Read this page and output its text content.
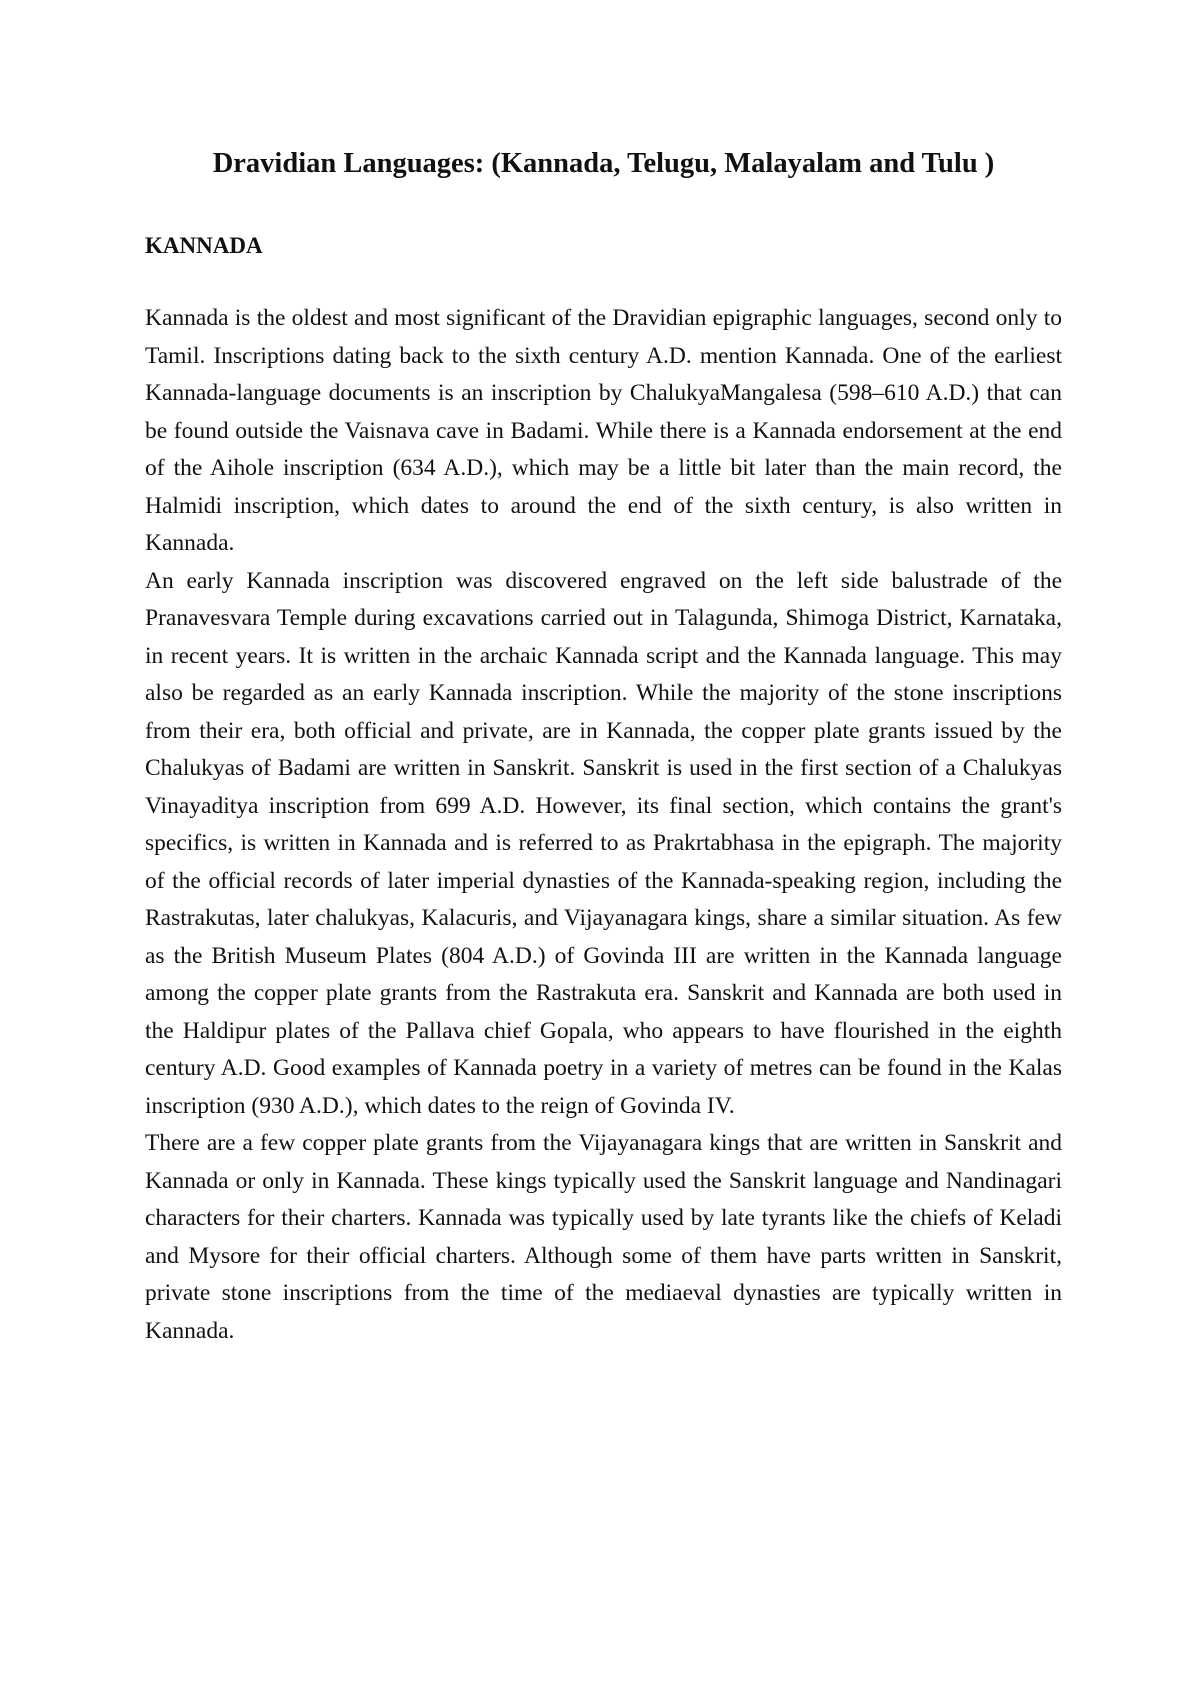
Dravidian Languages: (Kannada, Telugu, Malayalam and Tulu )
KANNADA

Kannada is the oldest and most significant of the Dravidian epigraphic languages, second only to Tamil. Inscriptions dating back to the sixth century A.D. mention Kannada. One of the earliest Kannada-language documents is an inscription by ChalukyaMangalesa (598–610 A.D.) that can be found outside the Vaisnava cave in Badami. While there is a Kannada endorsement at the end of the Aihole inscription (634 A.D.), which may be a little bit later than the main record, the Halmidi inscription, which dates to around the end of the sixth century, is also written in Kannada.

An early Kannada inscription was discovered engraved on the left side balustrade of the Pranavesvara Temple during excavations carried out in Talagunda, Shimoga District, Karnataka, in recent years. It is written in the archaic Kannada script and the Kannada language. This may also be regarded as an early Kannada inscription. While the majority of the stone inscriptions from their era, both official and private, are in Kannada, the copper plate grants issued by the Chalukyas of Badami are written in Sanskrit. Sanskrit is used in the first section of a Chalukyas Vinayaditya inscription from 699 A.D. However, its final section, which contains the grant's specifics, is written in Kannada and is referred to as Prakrtabhasa in the epigraph. The majority of the official records of later imperial dynasties of the Kannada-speaking region, including the Rastrakutas, later chalukyas, Kalacuris, and Vijayanagara kings, share a similar situation. As few as the British Museum Plates (804 A.D.) of Govinda III are written in the Kannada language among the copper plate grants from the Rastrakuta era. Sanskrit and Kannada are both used in the Haldipur plates of the Pallava chief Gopala, who appears to have flourished in the eighth century A.D. Good examples of Kannada poetry in a variety of metres can be found in the Kalas inscription (930 A.D.), which dates to the reign of Govinda IV.

There are a few copper plate grants from the Vijayanagara kings that are written in Sanskrit and Kannada or only in Kannada. These kings typically used the Sanskrit language and Nandinagari characters for their charters. Kannada was typically used by late tyrants like the chiefs of Keladi and Mysore for their official charters. Although some of them have parts written in Sanskrit, private stone inscriptions from the time of the mediaeval dynasties are typically written in Kannada.
